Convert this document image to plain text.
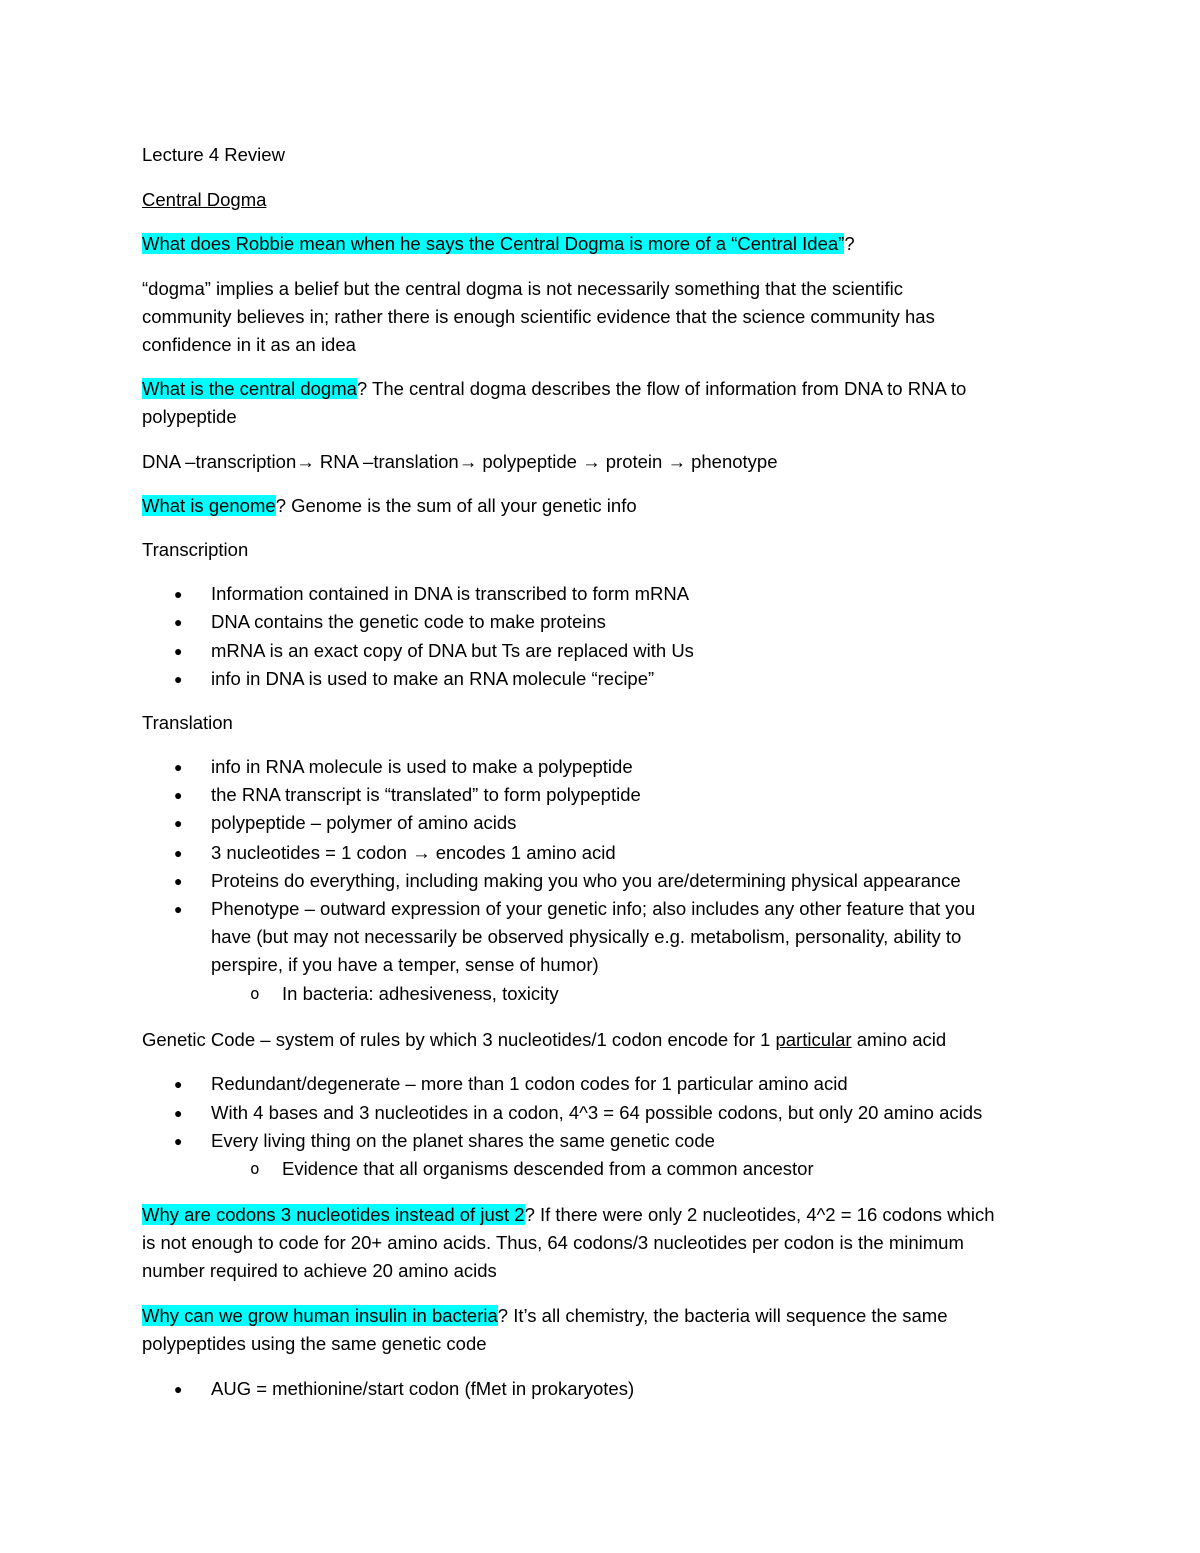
Lecture 4 Review
Central Dogma
What does Robbie mean when he says the Central Dogma is more of a “Central Idea”?
“dogma” implies a belief but the central dogma is not necessarily something that the scientific
community believes in; rather there is enough scientific evidence that the science community has
confidence in it as an idea
What is the central dogma? The central dogma describes the flow of information from DNA to RNA to
polypeptide
DNA –transcription→ RNA –translation→ polypeptide → protein → phenotype
What is genome? Genome is the sum of all your genetic info
Transcription
●
Information contained in DNA is transcribed to form mRNA
●
DNA contains the genetic code to make proteins
●
mRNA is an exact copy of DNA but Ts are replaced with Us
●
info in DNA is used to make an RNA molecule “recipe”
Translation
●
info in RNA molecule is used to make a polypeptide
●
the RNA transcript is “translated” to form polypeptide
●
polypeptide – polymer of amino acids
●
3 nucleotides = 1 codon → encodes 1 amino acid
●
Proteins do everything, including making you who you are/determining physical appearance
●
Phenotype – outward expression of your genetic info; also includes any other feature that you
have (but may not necessarily be observed physically e.g. metabolism, personality, ability to
perspire, if you have a temper, sense of humor)
o In bacteria: adhesiveness, toxicity
Genetic Code – system of rules by which 3 nucleotides/1 codon encode for 1 particular amino acid
●
Redundant/degenerate – more than 1 codon codes for 1 particular amino acid
●
With 4 bases and 3 nucleotides in a codon, 4^3 = 64 possible codons, but only 20 amino acids
●
Every living thing on the planet shares the same genetic code
o Evidence that all organisms descended from a common ancestor
Why are codons 3 nucleotides instead of just 2? If there were only 2 nucleotides, 4^2 = 16 codons which
is not enough to code for 20+ amino acids. Thus, 64 codons/3 nucleotides per codon is the minimum
number required to achieve 20 amino acids
Why can we grow human insulin in bacteria? It’s all chemistry, the bacteria will sequence the same
polypeptides using the same genetic code
●
AUG = methionine/start codon (fMet in prokaryotes)
